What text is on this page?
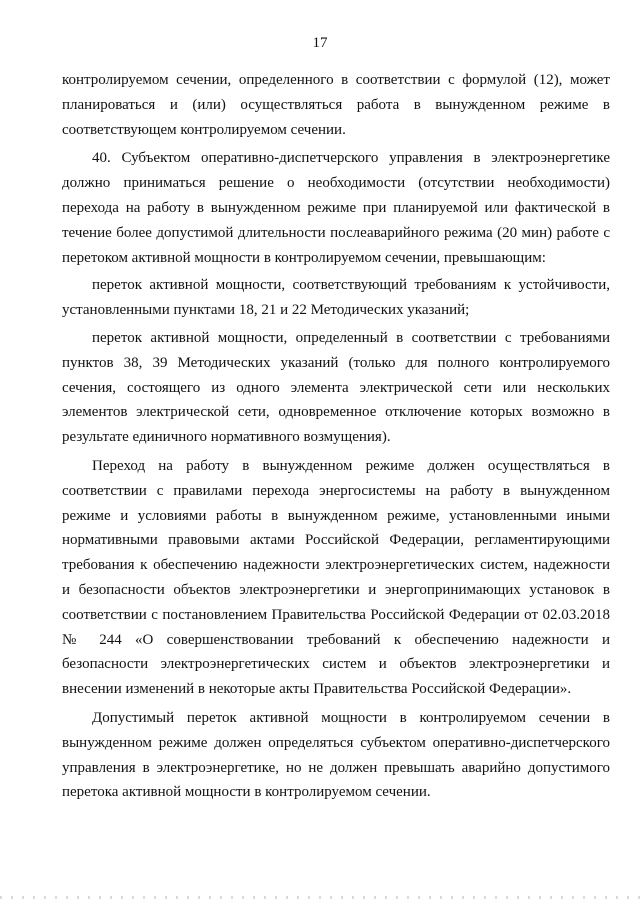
17

контролируемом сечении, определенного в соответствии с формулой (12), может планироваться и (или) осуществляться работа в вынужденном режиме в соответствующем контролируемом сечении.

40. Субъектом оперативно-диспетчерского управления в электроэнергетике должно приниматься решение о необходимости (отсутствии необходимости) перехода на работу в вынужденном режиме при планируемой или фактической в течение более допустимой длительности послеаварийного режима (20 мин) работе с перетоком активной мощности в контролируемом сечении, превышающим:

переток активной мощности, соответствующий требованиям к устойчивости, установленными пунктами 18, 21 и 22 Методических указаний;

переток активной мощности, определенный в соответствии с требованиями пунктов 38, 39 Методических указаний (только для полного контролируемого сечения, состоящего из одного элемента электрической сети или нескольких элементов электрической сети, одновременное отключение которых возможно в результате единичного нормативного возмущения).

Переход на работу в вынужденном режиме должен осуществляться в соответствии с правилами перехода энергосистемы на работу в вынужденном режиме и условиями работы в вынужденном режиме, установленными иными нормативными правовыми актами Российской Федерации, регламентирующими требования к обеспечению надежности электроэнергетических систем, надежности и безопасности объектов электроэнергетики и энергопринимающих установок в соответствии с постановлением Правительства Российской Федерации от 02.03.2018 № 244 «О совершенствовании требований к обеспечению надежности и безопасности электроэнергетических систем и объектов электроэнергетики и внесении изменений в некоторые акты Правительства Российской Федерации».

Допустимый переток активной мощности в контролируемом сечении в вынужденном режиме должен определяться субъектом оперативно-диспетчерского управления в электроэнергетике, но не должен превышать аварийно допустимого перетока активной мощности в контролируемом сечении.
